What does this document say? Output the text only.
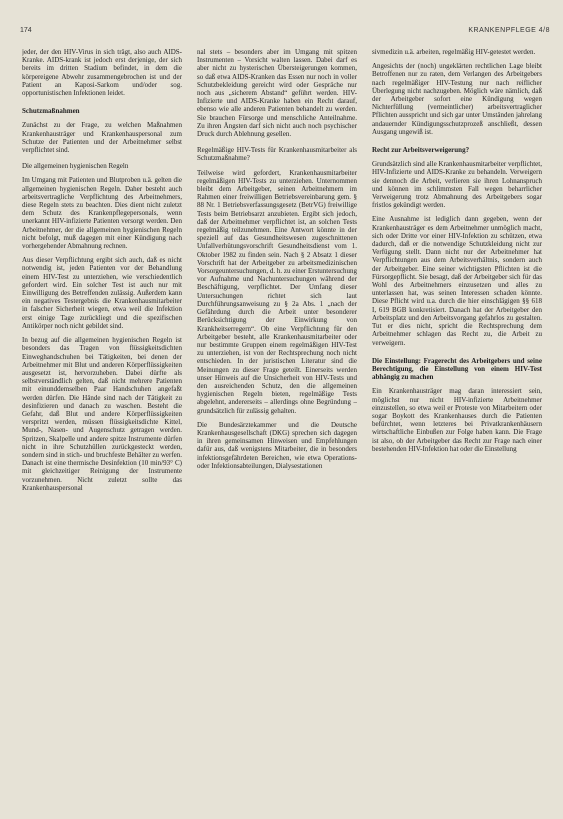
174	KRANKENPFLEGE 4/8

jeder, der den HIV-Virus in sich trägt, also auch AIDS-Kranke. AIDS-krank ist jedoch erst derjenige, der sich bereits im dritten Stadium befindet, in dem die körpereigene Abwehr zusammengebrochen ist und der Patient an Kaposi-Sarkom und/oder sog. opportunistischen Infektionen leidet.

Schutzmaßnahmen

Zunächst zu der Frage, zu welchen Maßnahmen Krankenhausträger und Krankenhauspersonal zum Schutze der Patienten und der Arbeitnehmer selbst verpflichtet sind.

Die allgemeinen hygienischen Regeln

Im Umgang mit Patienten und Blutproben u.ä. gelten die allgemeinen hygienischen Regeln. Daher besteht auch arbeitsvertragliche Verpflichtung des Arbeitnehmers, diese Regeln stets zu beachten. Dies dient nicht zuletzt dem Schutz des Krankenpflegepersonals, wenn unerkannt HIV-infizierte Patienten versorgt werden. Den Arbeitnehmer, der die allgemeinen hygienischen Regeln nicht befolgt, muß dagegen mit einer Kündigung nach vorhergehender Abmahnung rechnen.

Aus dieser Verpflichtung ergibt sich auch, daß es nicht notwendig ist, jeden Patienten vor der Behandlung einem HIV-Test zu unterziehen, wie verschiedentlich gefordert wird. Ein solcher Test ist auch nur mit Einwilligung des Betreffenden zulässig. Außerdem kann ein negatives Testergebnis die Krankenhausmitarbeiter in falscher Sicherheit wiegen, etwa weil die Infektion erst einige Tage zurückliegt und die spezifischen Antikörper noch nicht gebildet sind.

In bezug auf die allgemeinen hygienischen Regeln ist besonders das Tragen von flüssigkeitsdichten Einweghandschuhen bei Tätigkeiten, bei denen der Arbeitnehmer mit Blut und anderen Körperflüssigkeiten ausgesetzt ist, hervorzuheben. Dabei dürfte als selbstverständlich gelten, daß nicht mehrere Patienten mit einunddemselben Paar Handschuhen angefaßt werden dürfen. Die Hände sind nach der Tätigkeit zu desinfizieren und danach zu waschen. Besteht die Gefahr, daß Blut und andere Körperflüssigkeiten verspritzt werden, müssen flüssigkeitsdichte Kittel, Mund-, Nasen- und Augenschutz getragen werden. Spritzen, Skalpelle und andere spitze Instrumente dürfen nicht in ihre Schutzhüllen zurückgesteckt werden, sondern sind in stich- und bruchfeste Behälter zu werfen. Danach ist eine thermische Desinfektion (10 min/93° C) mit gleichzeitiger Reinigung der Instrumente vorzunehmen. Nicht zuletzt sollte das Krankenhauspersonal

nal stets – besonders aber im Umgang mit spitzen Instrumenten – Vorsicht walten lassen. Dabei darf es aber nicht zu hysterischen Übersteigerungen kommen, so daß etwa AIDS-Kranken das Essen nur noch in voller Schutzbekleidung gereicht wird oder Gespräche nur noch aus „sicherem Abstand“ geführt werden. HIV-Infizierte und AIDS-Kranke haben ein Recht darauf, ebenso wie alle anderen Patienten behandelt zu werden. Sie brauchen Fürsorge und menschliche Anteilnahme. Zu ihren Ängsten darf sich nicht auch noch psychischer Druck durch Ablehnung gesellen.

Regelmäßige HIV-Tests für Krankenhausmitarbeiter als Schutzmaßnahme?

Teilweise wird gefordert, Krankenhausmitarbeiter regelmäßigen HIV-Tests zu unterziehen. Unternommen bleibt dem Arbeitgeber, seinen Arbeitnehmern im Rahmen einer freiwilligen Betriebsvereinbarung gem. § 88 Nr. 1 Betriebsverfassungsgesetz (BetrVG) freiwillige Tests beim Betriebsarzt anzubieten. Ergibt sich jedoch, daß der Arbeitnehmer verpflichtet ist, an solchen Tests regelmäßig teilzunehmen. Eine Antwort könnte in der speziell auf das Gesundheitswesen zugeschnittenen Unfallverhütungsvorschrift Gesundheitsdienst vom 1. Oktober 1982 zu finden sein. Nach § 2 Absatz 1 dieser Vorschrift hat der Arbeitgeber zu arbeitsmedizinischen Vorsorgeuntersuchungen, d. h. zu einer Erstuntersuchung vor Aufnahme und Nachuntersuchungen während der Beschäftigung, verpflichtet. Der Umfang dieser Untersuchungen richtet sich laut Durchführungsanweisung zu § 2a Abs. 1 „nach der Gefährdung durch die Arbeit unter besonderer Berücksichtigung der Einwirkung von Krankheitserregern“. Ob eine Verpflichtung für den Arbeitgeber besteht, alle Krankenhausmitarbeiter oder nur bestimmte Gruppen einem regelmäßigen HIV-Test zu unterziehen, ist von der Rechtsprechung noch nicht entschieden. In der juristischen Literatur sind die Meinungen zu dieser Frage geteilt. Einerseits werden unser Hinweis auf die Unsicherheit von HIV-Tests und den ausreichenden Schutz, den die allgemeinen hygienischen Regeln bieten, regelmäßige Tests abgelehnt, andererseits – allerdings ohne Begründung – grundsätzlich für zulässig gehalten.

Die Bundesärztekammer und die Deutsche Krankenhausgesellschaft (DKG) sprechen sich dagegen in ihren gemeinsamen Hinweisen und Empfehlungen dafür aus, daß wenigstens Mitarbeiter, die in besonders infektionsgefährdeten Bereichen, wie etwa Operations- oder Infektionsabteilungen, Dialysestationen

sivmedizin u.ä. arbeiten, regelmäßig HIV-getestet werden.

Angesichts der (noch) ungeklärten rechtlichen Lage bleibt Betroffenen nur zu raten, dem Verlangen des Arbeitgebers nach regelmäßiger HIV-Testung nur nach reiflicher Überlegung nicht nachzugeben. Möglich wäre nämlich, daß der Arbeitgeber sofort eine Kündigung wegen Nichterfüllung (vermeintlicher) arbeitsvertraglicher Pflichten ausspricht und sich gar unter Umständen jahrelang andauernder Kündigungsschutzprozeß anschließt, dessen Ausgang ungewiß ist.

Recht zur Arbeitsverweigerung?

Grundsätzlich sind alle Krankenhausmitarbeiter verpflichtet, HIV-Infizierte und AIDS-Kranke zu behandeln. Verweigern sie dennoch die Arbeit, verlieren sie ihren Lohnanspruch und können im schlimmsten Fall wegen beharrlicher Verweigerung trotz Abmahnung des Arbeitgebers sogar fristlos gekündigt werden.

Eine Ausnahme ist lediglich dann gegeben, wenn der Krankenhausträger es dem Arbeitnehmer unmöglich macht, sich oder Dritte vor einer HIV-Infektion zu schützen, etwa dadurch, daß er die notwendige Schutzkleidung nicht zur Verfügung stellt. Dann nicht nur der Arbeitnehmer hat Verpflichtungen aus dem Arbeitsverhältnis, sondern auch der Arbeitgeber. Eine seiner wichtigsten Pflichten ist die Fürsorgepflicht. Sie besagt, daß der Arbeitgeber sich für das Wohl des Arbeitnehmers einzusetzen und alles zu unterlassen hat, was seinen Interessen schaden könnte. Diese Pflicht wird u.a. durch die hier einschlägigen §§ 618 I, 619 BGB konkretisiert. Danach hat der Arbeitgeber den Arbeitsplatz und den Arbeitsvorgang gefahrlos zu gestalten. Tut er dies nicht, spricht die Rechtsprechung dem Arbeitnehmer schlagen das Recht zu, die Arbeit zu verweigern.

Die Einstellung: Fragerecht des Arbeitgebers und seine Berechtigung, die Einstellung von einem HIV-Test abhängig zu machen

Ein Krankenhausträger mag daran interessiert sein, möglichst nur nicht HIV-infizierte Arbeitnehmer einzustellen, so etwa weil er Proteste von Mitarbeitern oder sogar Boykott des Krankenhauses durch die Patienten befürchtet, wenn letzteres bei Privatkrankenhäusern wirtschaftliche Einbußen zur Folge haben kann. Die Frage ist also, ob der Arbeitgeber das Recht zur Frage nach einer bestehenden HIV-Infektion hat oder die Einstellung
